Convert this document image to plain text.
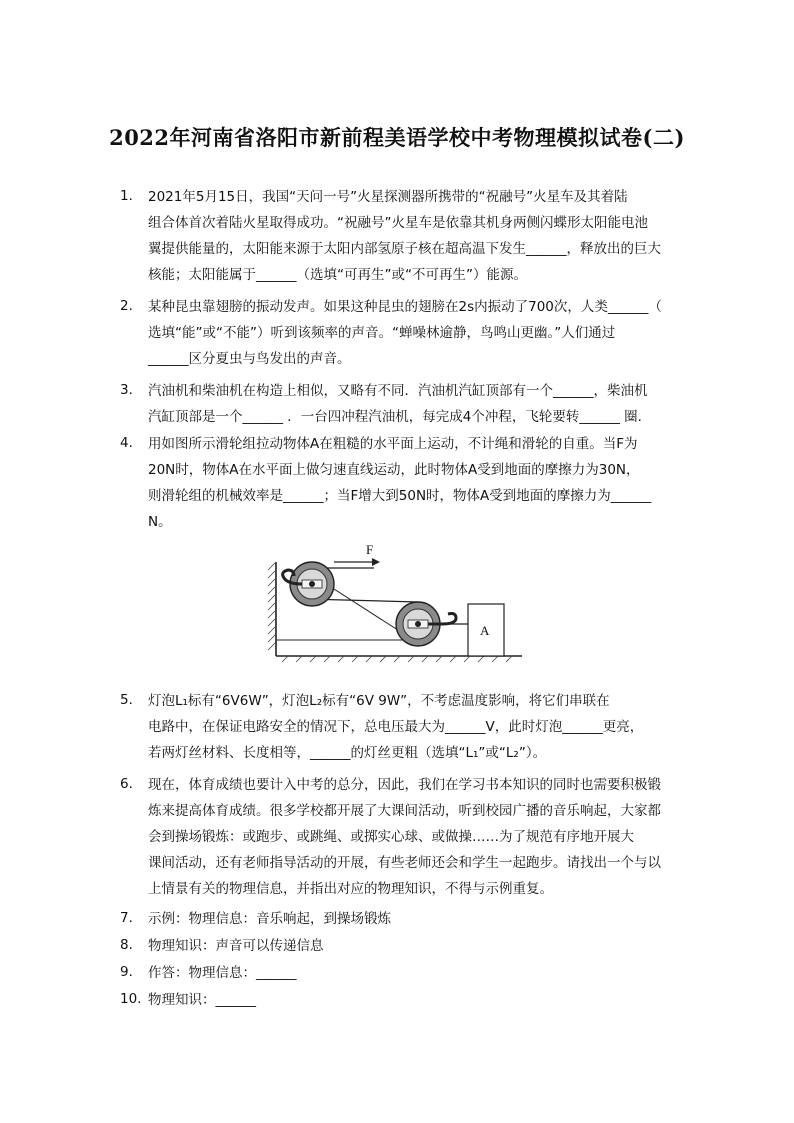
2022年河南省洛阳市新前程美语学校中考物理模拟试卷(二)
1.	2021年5月15日，我国“天问一号”火星探测器所携带的“祝融号”火星车及其着陆
组合体首次着陆火星取得成功。“祝融号”火星车是依靠其机身两侧闪蝶形太阳能电池
翼提供能量的，太阳能来源于太阳内部氢原子核在超高温下发生______，释放出的巨大
核能；太阳能属于______（选填“可再生”或“不可再生”）能源。
2.	某种昆虫靠翅膀的振动发声。如果这种昆虫的翅膀在2s内振动了700次，人类______（
选填“能”或“不能”）听到该频率的声音。“蝉噪林逾静，鸟鸣山更幽。”人们通过
______区分夏虫与鸟发出的声音。
3.	汽油机和柴油机在构造上相似，又略有不同．汽油机汽缸顶部有一个______，柴油机
汽缸顶部是一个______ ．一台四冲程汽油机，每完成4个冲程，飞轮要转______ 圈．
4.	用如图所示滑轮组拉动物体A在粗糙的水平面上运动，不计绳和滑轮的自重。当F为
20N时，物体A在水平面上做匀速直线运动，此时物体A受到地面的摩擦力为30N，
则滑轮组的机械效率是______；当F增大到50N时，物体A受到地面的摩擦力为______
N。
F
A
5.	灯泡L₁标有“6V6W”，灯泡L₂标有“6V 9W”，不考虑温度影响，将它们串联在
电路中，在保证电路安全的情况下，总电压最大为______V，此时灯泡______更亮，
若两灯丝材料、长度相等，______的灯丝更粗（选填“L₁”或“L₂”）。
6.	现在，体育成绩也要计入中考的总分，因此，我们在学习书本知识的同时也需要积极锻
炼来提高体育成绩。很多学校都开展了大课间活动，听到校园广播的音乐响起，大家都
会到操场锻炼：或跑步、或跳绳、或掷实心球、或做操……为了规范有序地开展大
课间活动，还有老师指导活动的开展，有些老师还会和学生一起跑步。请找出一个与以
上情景有关的物理信息，并指出对应的物理知识，不得与示例重复。
7.	示例：物理信息：音乐响起，到操场锻炼
8.	物理知识：声音可以传递信息
9.	作答：物理信息：______
10. 物理知识：______
